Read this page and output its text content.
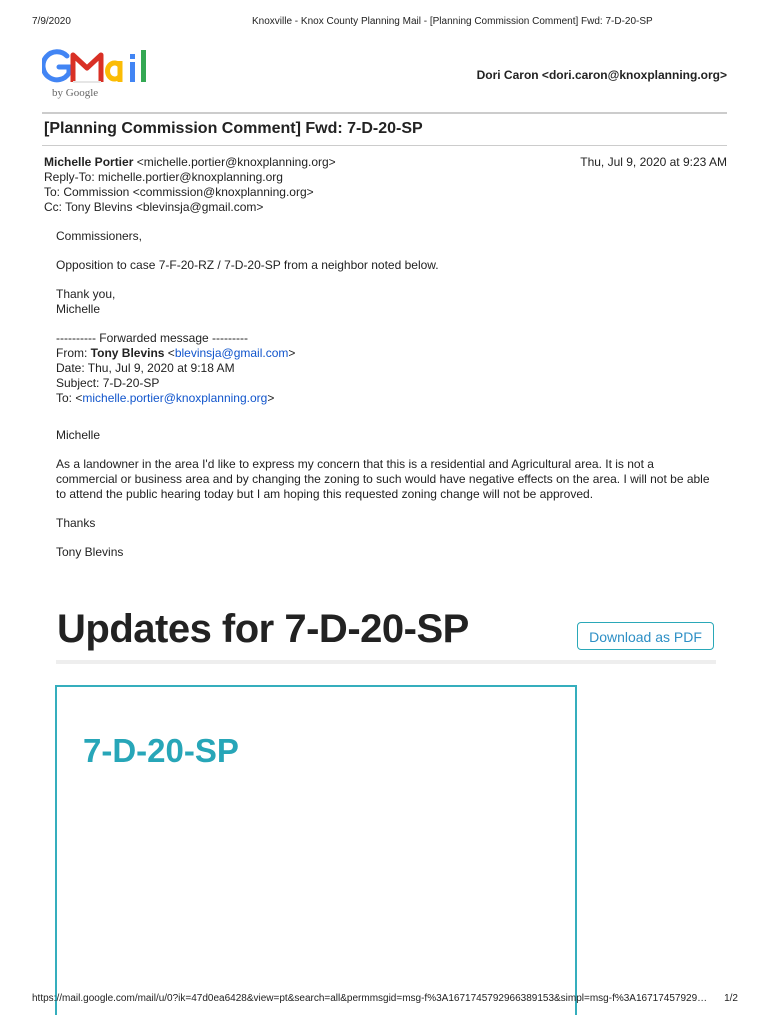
7/9/2020	Knoxville - Knox County Planning Mail - [Planning Commission Comment] Fwd: 7-D-20-SP
by Google
Dori Caron <dori.caron@knoxplanning.org>
[Planning Commission Comment] Fwd: 7-D-20-SP
Michelle Portier <michelle.portier@knoxplanning.org>
Reply-To: michelle.portier@knoxplanning.org
To: Commission <commission@knoxplanning.org>
Cc: Tony Blevins <blevinsja@gmail.com>
Thu, Jul 9, 2020 at 9:23 AM

Commissioners,

Opposition to case 7-F-20-RZ / 7-D-20-SP from a neighbor noted below.

Thank you,
Michelle
---------- Forwarded message ---------
From: Tony Blevins <blevinsja@gmail.com>
Date: Thu, Jul 9, 2020 at 9:18 AM
Subject: 7-D-20-SP
To: <michelle.portier@knoxplanning.org>

Michelle

As a landowner in the area I'd like to express my concern that this is a residential and Agricultural area. It is not a commercial or business area and by changing the zoning to such would have negative effects on the area. I will not be able to attend the public hearing today but I am hoping this requested zoning change will not be approved.

Thanks

Tony Blevins

Updates for 7-D-20-SP	Download as PDF
7-D-20-SP
https://mail.google.com/mail/u/0?ik=47d0ea6428&view=pt&search=all&permmsgid=msg-f%3A1671745792966389153&simpl=msg-f%3A16717457929…	1/2
